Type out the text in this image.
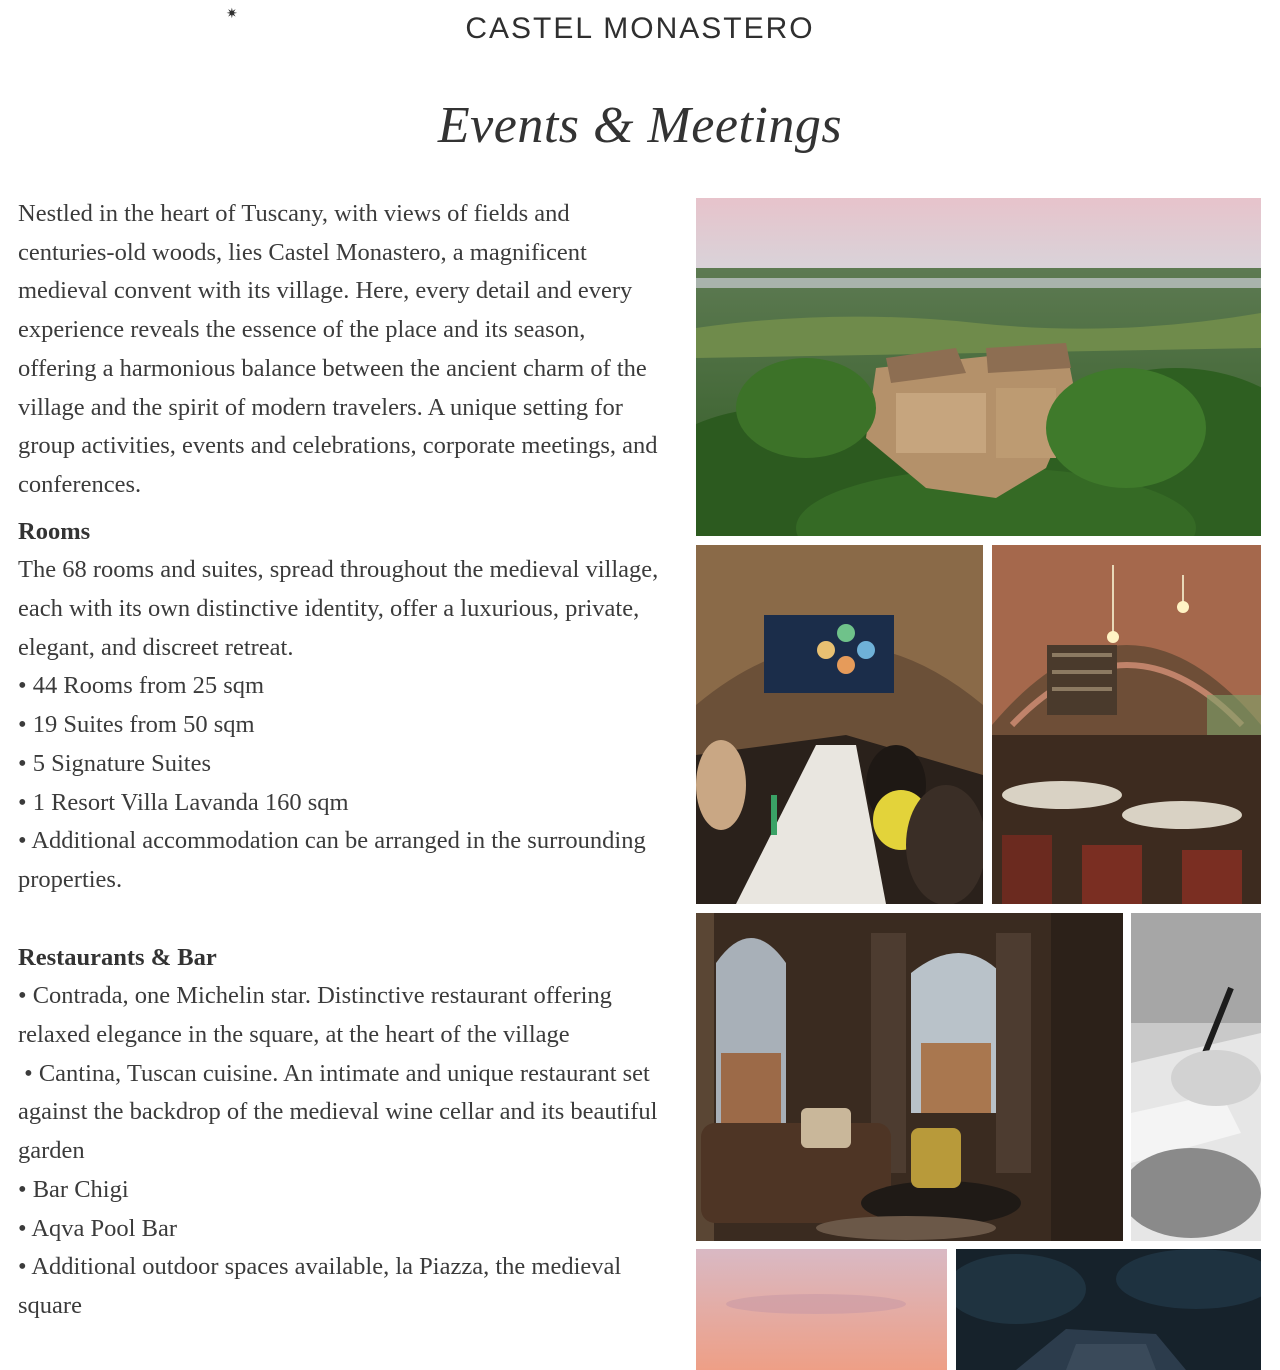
CASTEL MONASTERO
✷
Events & Meetings

Nestled in the heart of Tuscany, with views of fields and centuries-old woods, lies Castel Monastero, a magnificent medieval convent with its village. Here, every detail and every experience reveals the essence of the place and its season, offering a harmonious balance between the ancient charm of the village and the spirit of modern travelers. A unique setting for group activities, events and celebrations, corporate meetings, and conferences.

Rooms

The 68 rooms and suites, spread throughout the medieval village, each with its own distinctive identity, offer a luxurious, private, elegant, and discreet retreat.

• 44 Rooms from 25 sqm

• 19 Suites from 50 sqm

• 5 Signature Suites

• 1 Resort Villa Lavanda 160 sqm

• Additional accommodation can be arranged in the surrounding properties.

Restaurants & Bar

• Contrada, one Michelin star. Distinctive restaurant offering relaxed elegance in the square, at the heart of the village

• Cantina, Tuscan cuisine. An intimate and unique restaurant set against the backdrop of the medieval wine cellar and its beautiful garden

• Bar Chigi

• Aqva Pool Bar

• Additional outdoor spaces available, la Piazza, the medieval square
